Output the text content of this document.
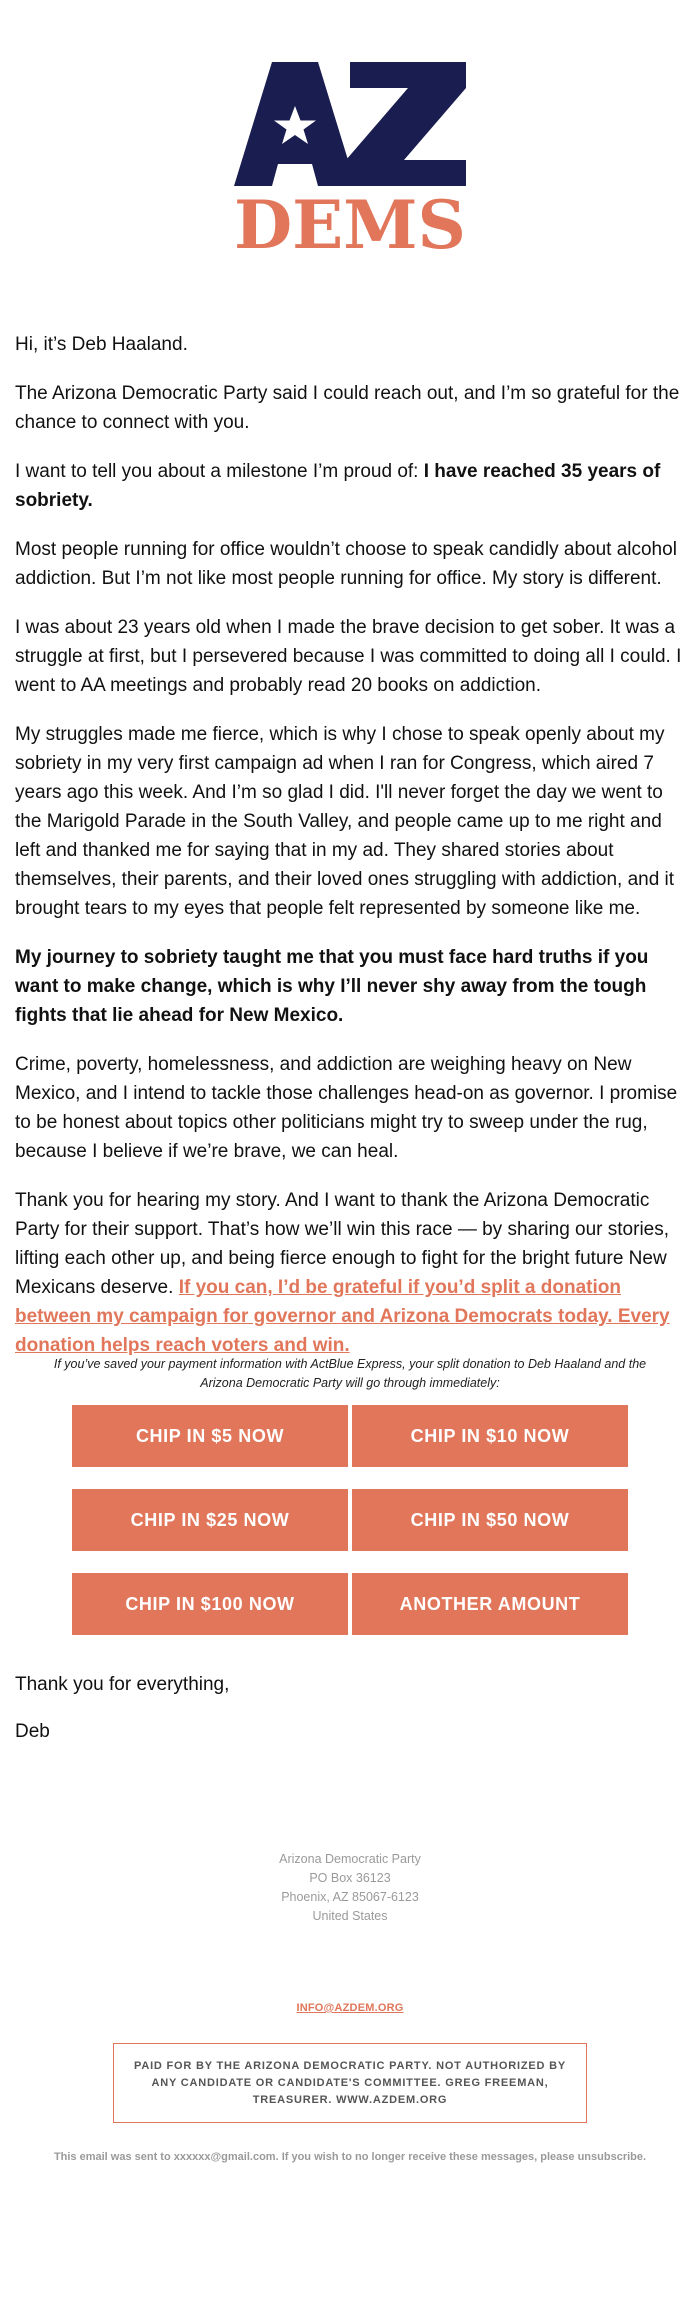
DEMS

Hi, it’s Deb Haaland.

The Arizona Democratic Party said I could reach out, and I’m so grateful for the chance to connect with you.

I want to tell you about a milestone I’m proud of: I have reached 35 years of sobriety.

Most people running for office wouldn’t choose to speak candidly about alcohol addiction. But I’m not like most people running for office. My story is different.

I was about 23 years old when I made the brave decision to get sober. It was a struggle at first, but I persevered because I was committed to doing all I could. I went to AA meetings and probably read 20 books on addiction.

My struggles made me fierce, which is why I chose to speak openly about my sobriety in my very first campaign ad when I ran for Congress, which aired 7 years ago this week. And I’m so glad I did. I'll never forget the day we went to the Marigold Parade in the South Valley, and people came up to me right and left and thanked me for saying that in my ad. They shared stories about themselves, their parents, and their loved ones struggling with addiction, and it brought tears to my eyes that people felt represented by someone like me.

My journey to sobriety taught me that you must face hard truths if you want to make change, which is why I’ll never shy away from the tough fights that lie ahead for New Mexico.

Crime, poverty, homelessness, and addiction are weighing heavy on New Mexico, and I intend to tackle those challenges head-on as governor. I promise to be honest about topics other politicians might try to sweep under the rug, because I believe if we’re brave, we can heal.

Thank you for hearing my story. And I want to thank the Arizona Democratic Party for their support. That’s how we’ll win this race — by sharing our stories, lifting each other up, and being fierce enough to fight for the bright future New Mexicans deserve. If you can, I’d be grateful if you’d split a donation between my campaign for governor and Arizona Democrats today. Every donation helps reach voters and win.

If you’ve saved your payment information with ActBlue Express, your split donation to Deb Haaland and the Arizona Democratic Party will go through immediately:
CHIP IN $5 NOW	CHIP IN $10 NOW
CHIP IN $25 NOW	CHIP IN $50 NOW
CHIP IN $100 NOW	ANOTHER AMOUNT

Thank you for everything,

Deb

Arizona Democratic Party
PO Box 36123
Phoenix, AZ 85067-6123
United States
INFO@AZDEM.ORG
PAID FOR BY THE ARIZONA DEMOCRATIC PARTY. NOT AUTHORIZED BY ANY CANDIDATE OR CANDIDATE'S COMMITTEE. GREG FREEMAN, TREASURER. WWW.AZDEM.ORG
This email was sent to xxxxxx@gmail.com. If you wish to no longer receive these messages, please unsubscribe.
